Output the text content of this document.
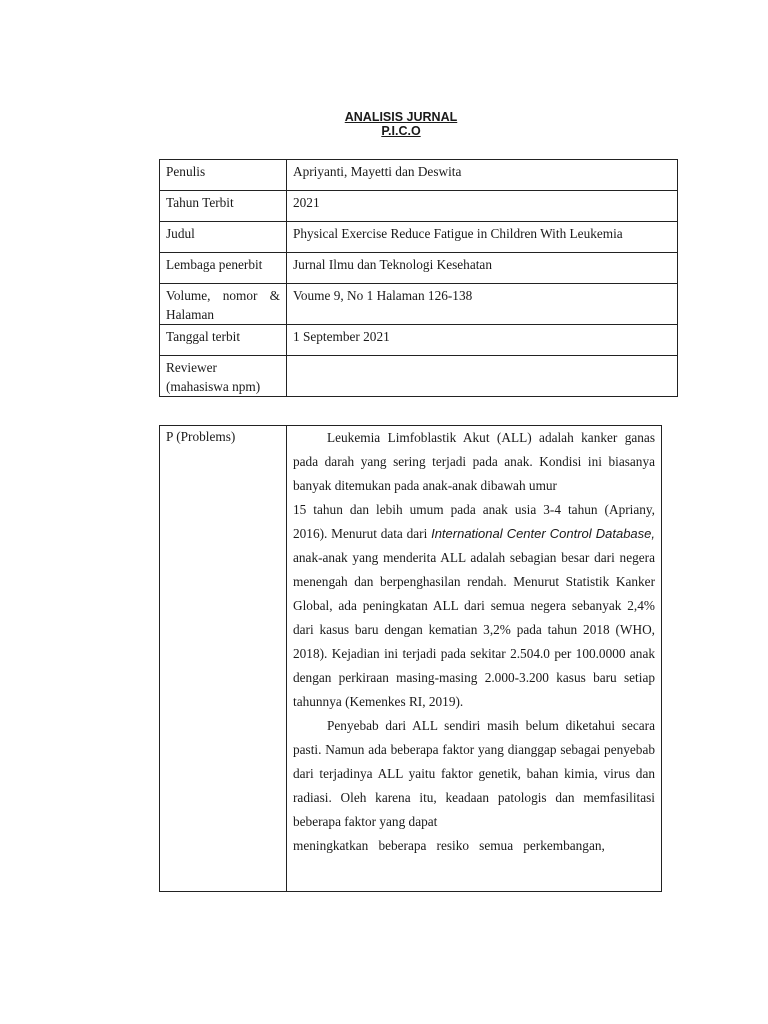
ANALISIS JURNAL
P.I.C.O
Penulis	Apriyanti, Mayetti dan Deswita
Tahun Terbit	2021
Judul	Physical Exercise Reduce Fatigue in Children With Leukemia
Lembaga penerbit	Jurnal Ilmu dan Teknologi Kesehatan

Volume, nomor &
Halaman	Voume 9, No 1 Halaman 126-138
Tanggal terbit	1 September 2021

Reviewer
(mahasiswa npm)	

P (Problems)	Leukemia Limfoblastik Akut (ALL) adalah kanker ganas pada darah yang sering terjadi pada anak. Kondisi ini biasanya banyak ditemukan pada anak-anak dibawah umur

15 tahun dan lebih umum pada anak usia 3-4 tahun (Apriany, 2016). Menurut data dari International Center Control Database, anak-anak yang menderita ALL adalah sebagian besar dari negera menengah dan berpenghasilan rendah. Menurut Statistik Kanker Global, ada peningkatan ALL dari semua negera sebanyak 2,4% dari kasus baru dengan kematian 3,2% pada tahun 2018 (WHO, 2018). Kejadian ini terjadi pada sekitar 2.504.0 per 100.0000 anak dengan perkiraan masing-masing 2.000-3.200 kasus baru setiap tahunnya (Kemenkes RI, 2019).

Penyebab dari ALL sendiri masih belum diketahui secara pasti. Namun ada beberapa faktor yang dianggap sebagai penyebab dari terjadinya ALL yaitu faktor genetik, bahan kimia, virus dan radiasi. Oleh karena itu, keadaan patologis dan memfasilitasi beberapa faktor yang dapat

meningkatkan beberapa resiko semua perkembangan,
